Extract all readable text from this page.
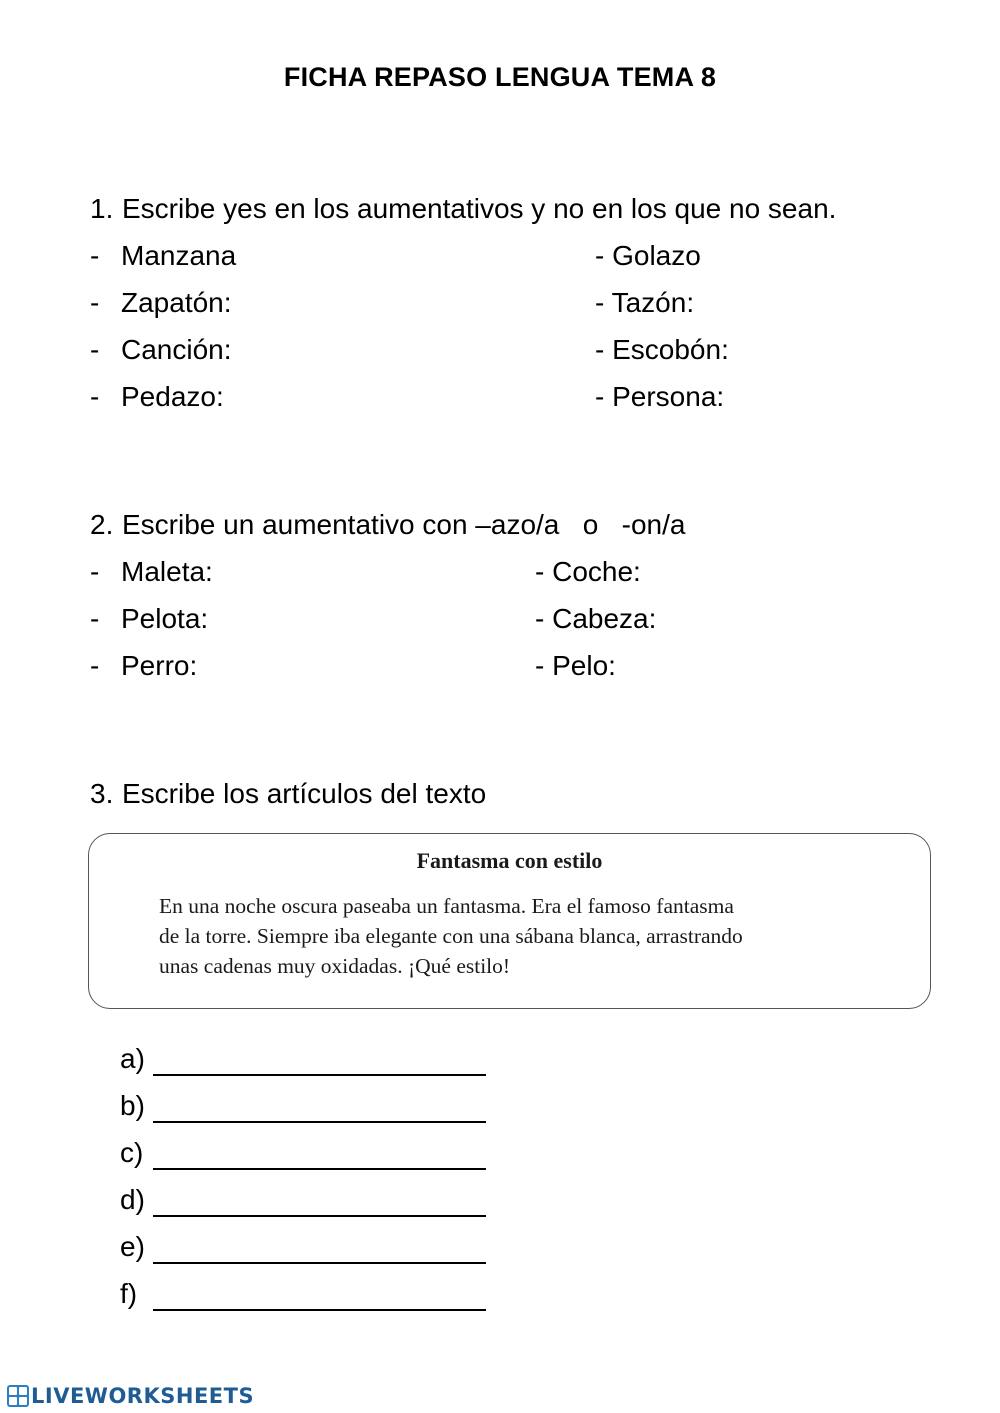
FICHA REPASO LENGUA TEMA 8
1. Escribe yes en los aumentativos y no en los que no sean.
- Manzana
- Zapatón:
- Canción:
- Pedazo:
- Golazo
- Tazón:
- Escobón:
- Persona:
2. Escribe un aumentativo con –azo/a   o   -on/a
- Maleta:
- Pelota:
- Perro:
- Coche:
- Cabeza:
- Pelo:
3. Escribe los artículos del texto
Fantasma con estilo
En una noche oscura paseaba un fantasma. Era el famoso fantasma
de la torre. Siempre iba elegante con una sábana blanca, arrastrando
unas cadenas muy oxidadas. ¡Qué estilo!
a)
b)
c)
d)
e)
f)
LIVEWORKSHEETS
